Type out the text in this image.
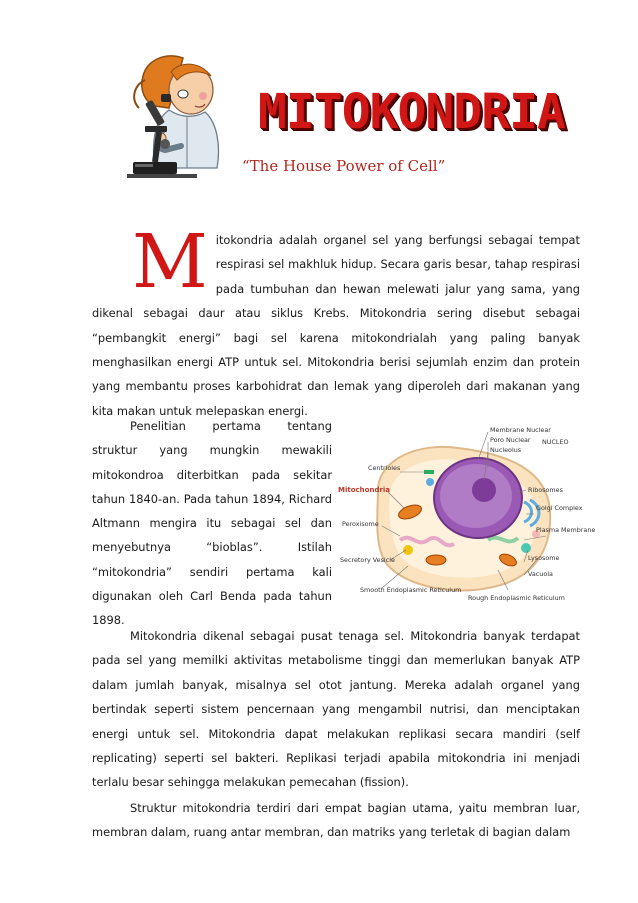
MITOKONDRIA
“The House Power of Cell”

Mitokondria adalah organel sel yang berfungsi sebagai tempat respirasi sel makhluk hidup. Secara garis besar, tahap respirasi pada tumbuhan dan hewan melewati jalur yang sama, yang dikenal sebagai daur atau siklus Krebs. Mitokondria sering disebut sebagai “pembangkit energi” bagi sel karena mitokondrialah yang paling banyak menghasilkan energi ATP untuk sel. Mitokondria berisi sejumlah enzim dan protein yang membantu proses karbohidrat dan lemak yang diperoleh dari makanan yang kita makan untuk melepaskan energi.

Penelitian pertama tentang struktur yang mungkin mewakili mitokondroa diterbitkan pada sekitar tahun 1840-an. Pada tahun 1894, Richard Altmann mengira itu sebagai sel dan menyebutnya “bioblas”. Istilah “mitokondria” sendiri pertama kali digunakan oleh Carl Benda pada tahun 1898.

Membrane Nuclear
Poro Nuclear
Nucleolus
NUCLEO
Centrioles
Mitochondria	Ribosomes
Peroxisome
Golgi Complex
Plasma Membrane
Secretory Vesicle	Lysosome
Vacuola
Smooth Endoplasmic Reticulum
Rough Endoplasmic Reticulum

Mitokondria dikenal sebagai pusat tenaga sel. Mitokondria banyak terdapat pada sel yang memilki aktivitas metabolisme tinggi dan memerlukan banyak ATP dalam jumlah banyak, misalnya sel otot jantung. Mereka adalah organel yang bertindak seperti sistem pencernaan yang mengambil nutrisi, dan menciptakan energi untuk sel. Mitokondria dapat melakukan replikasi secara mandiri (self replicating) seperti sel bakteri. Replikasi terjadi apabila mitokondria ini menjadi terlalu besar sehingga melakukan pemecahan (fission).

Struktur mitokondria terdiri dari empat bagian utama, yaitu membran luar, membran dalam, ruang antar membran, dan matriks yang terletak di bagian dalam
